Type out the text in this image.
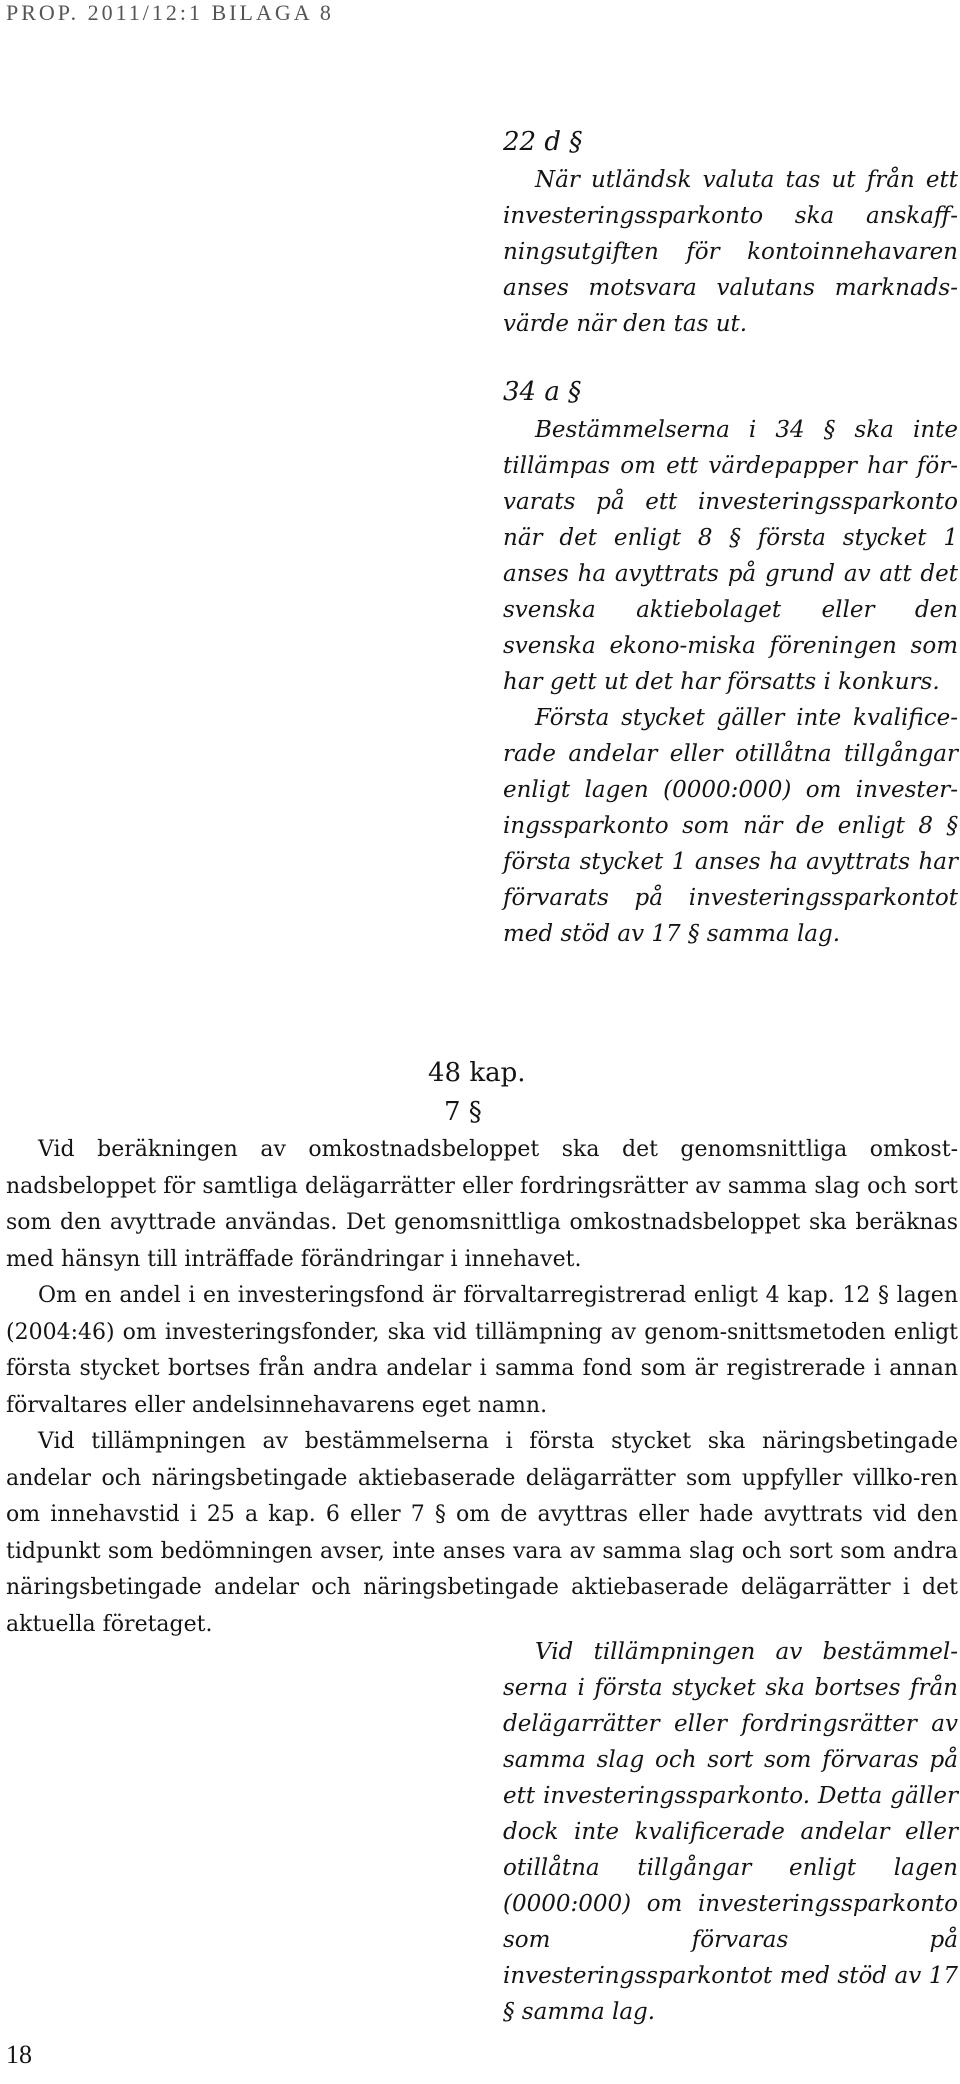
PROP. 2011/12:1 BILAGA 8
22 d §

När utländsk valuta tas ut från ett investeringssparkonto ska anskaff-ningsutgiften för kontoinnehavaren anses motsvara valutans marknads-värde när den tas ut.

34 a §

Bestämmelserna i 34 § ska inte tillämpas om ett värdepapper har för-varats på ett investeringssparkonto när det enligt 8 § första stycket 1 anses ha avyttrats på grund av att det svenska aktiebolaget eller den svenska ekono-miska föreningen som har gett ut det har försatts i konkurs.

Första stycket gäller inte kvalifice-rade andelar eller otillåtna tillgångar enligt lagen (0000:000) om invester-ingssparkonto som när de enligt 8 § första stycket 1 anses ha avyttrats har förvarats på investeringssparkontot med stöd av 17 § samma lag.

48 kap.
7 §

Vid beräkningen av omkostnadsbeloppet ska det genomsnittliga omkost-nadsbeloppet för samtliga delägarrätter eller fordringsrätter av samma slag och sort som den avyttrade användas. Det genomsnittliga omkostnadsbeloppet ska beräknas med hänsyn till inträffade förändringar i innehavet.

Om en andel i en investeringsfond är förvaltarregistrerad enligt 4 kap. 12 § lagen (2004:46) om investeringsfonder, ska vid tillämpning av genom-snittsmetoden enligt första stycket bortses från andra andelar i samma fond som är registrerade i annan förvaltares eller andelsinnehavarens eget namn.

Vid tillämpningen av bestämmelserna i första stycket ska näringsbetingade andelar och näringsbetingade aktiebaserade delägarrätter som uppfyller villko-ren om innehavstid i 25 a kap. 6 eller 7 § om de avyttras eller hade avyttrats vid den tidpunkt som bedömningen avser, inte anses vara av samma slag och sort som andra näringsbetingade andelar och näringsbetingade aktiebaserade delägarrätter i det aktuella företaget.

Vid tillämpningen av bestämmel-serna i första stycket ska bortses från delägarrätter eller fordringsrätter av samma slag och sort som förvaras på ett investeringssparkonto. Detta gäller dock inte kvalificerade andelar eller otillåtna tillgångar enligt lagen (0000:000) om investeringssparkonto som förvaras på investeringssparkontot med stöd av 17 § samma lag.

18
